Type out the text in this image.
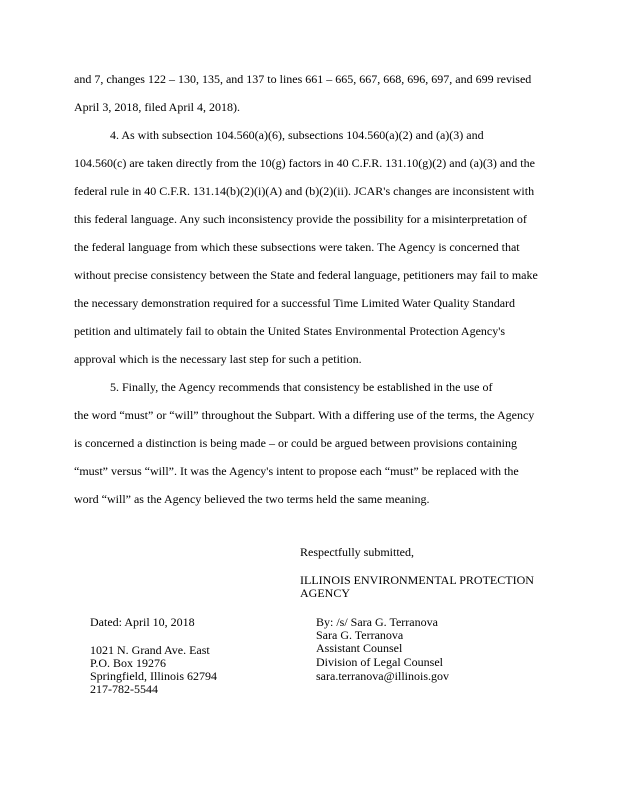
and 7, changes 122 – 130, 135, and 137 to lines 661 – 665, 667, 668, 696, 697, and 699 revised
April 3, 2018, filed April 4, 2018).
4. As with subsection 104.560(a)(6), subsections 104.560(a)(2) and (a)(3) and
104.560(c) are taken directly from the 10(g) factors in 40 C.F.R. 131.10(g)(2) and (a)(3) and the
federal rule in 40 C.F.R. 131.14(b)(2)(i)(A) and (b)(2)(ii). JCAR's changes are inconsistent with
this federal language. Any such inconsistency provide the possibility for a misinterpretation of
the federal language from which these subsections were taken. The Agency is concerned that
without precise consistency between the State and federal language, petitioners may fail to make
the necessary demonstration required for a successful Time Limited Water Quality Standard
petition and ultimately fail to obtain the United States Environmental Protection Agency's
approval which is the necessary last step for such a petition.
5. Finally, the Agency recommends that consistency be established in the use of
the word “must” or “will” throughout the Subpart. With a differing use of the terms, the Agency
is concerned a distinction is being made – or could be argued between provisions containing
“must” versus “will”. It was the Agency's intent to propose each “must” be replaced with the
word “will” as the Agency believed the two terms held the same meaning.
Respectfully submitted,
ILLINOIS ENVIRONMENTAL PROTECTION
AGENCY
Dated: April 10, 2018
1021 N. Grand Ave. East
P.O. Box 19276
Springfield, Illinois 62794
217-782-5544
By: /s/ Sara G. Terranova
Sara G. Terranova
Assistant Counsel
Division of Legal Counsel
sara.terranova@illinois.gov
